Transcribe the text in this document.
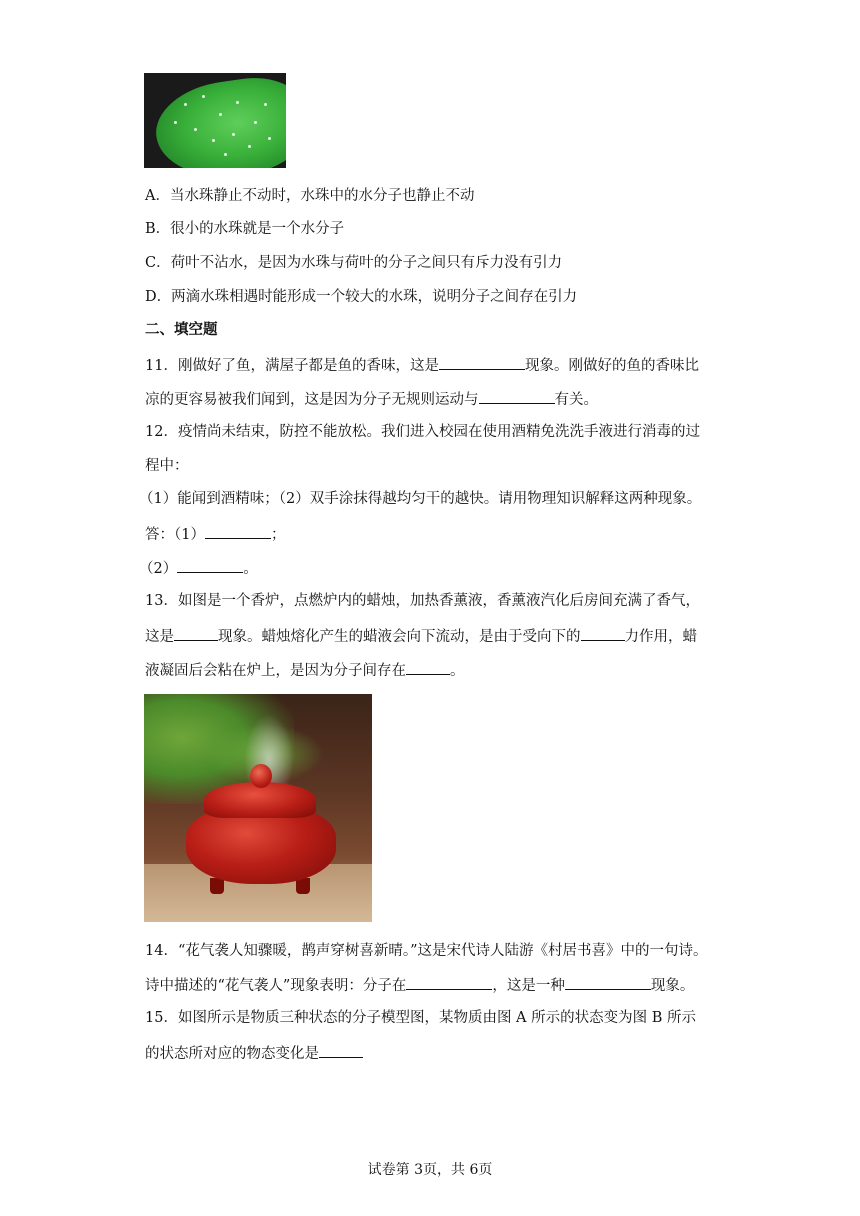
A．当水珠静止不动时，水珠中的水分子也静止不动
B．很小的水珠就是一个水分子
C．荷叶不沾水，是因为水珠与荷叶的分子之间只有斥力没有引力
D．两滴水珠相遇时能形成一个较大的水珠，说明分子之间存在引力
二、填空题
11．刚做好了鱼，满屋子都是鱼的香味，这是	现象。刚做好的鱼的香味比
凉的更容易被我们闻到，这是因为分子无规则运动与	有关。
12．疫情尚未结束，防控不能放松。我们进入校园在使用酒精免洗洗手液进行消毒的过
程中：
（1）能闻到酒精味；（2）双手涂抹得越均匀干的越快。请用物理知识解释这两种现象。
答：（1）	；
（2）	。
13．如图是一个香炉，点燃炉内的蜡烛，加热香薰液，香薰液汽化后房间充满了香气，
这是	现象。蜡烛熔化产生的蜡液会向下流动，是由于受向下的	力作用，蜡
液凝固后会粘在炉上，是因为分子间存在	。
14．“花气袭人知骤暖，鹊声穿树喜新晴。”这是宋代诗人陆游《村居书喜》中的一句诗。
诗中描述的“花气袭人”现象表明：分子在	，这是一种	现象。
15．如图所示是物质三种状态的分子模型图，某物质由图 A 所示的状态变为图 B 所示
的状态所对应的物态变化是
试卷第 3页，共 6页
